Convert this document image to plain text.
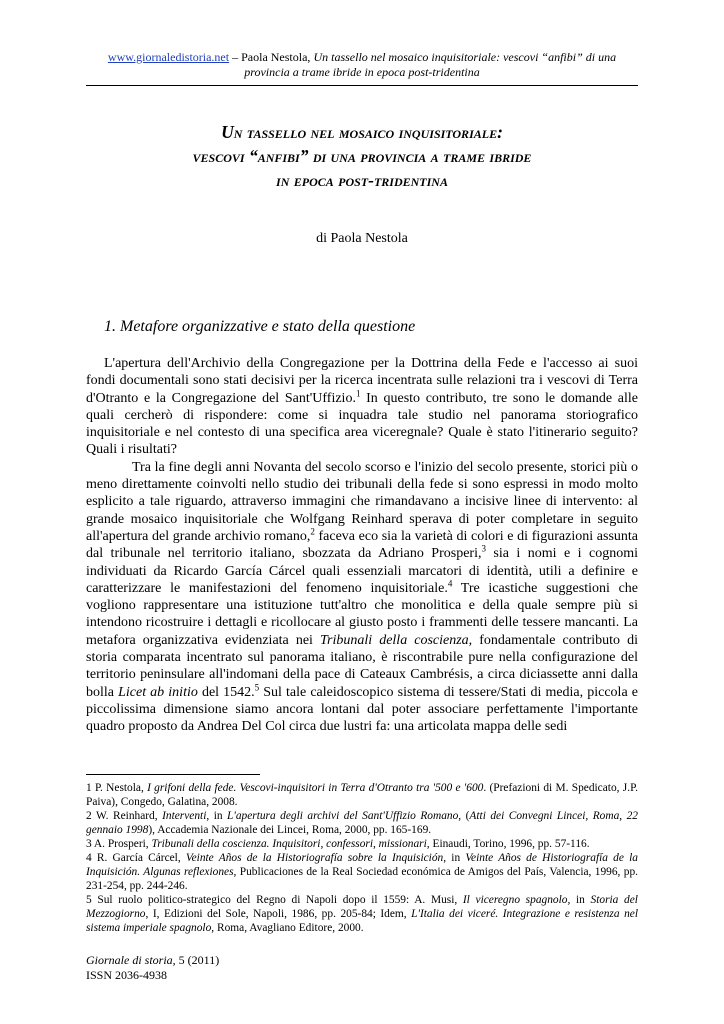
www.giornaledistoria.net – Paola Nestola, Un tassello nel mosaico inquisitoriale: vescovi “anfibi” di una provincia a trame ibride in epoca post-tridentina
Un tassello nel mosaico inquisitoriale:
vescovi “anfibi” di una provincia a trame ibride
in epoca post-tridentina
di Paola Nestola
1. Metafore organizzative e stato della questione

L'apertura dell'Archivio della Congregazione per la Dottrina della Fede e l'accesso ai suoi fondi documentali sono stati decisivi per la ricerca incentrata sulle relazioni tra i vescovi di Terra d'Otranto e la Congregazione del Sant'Uffizio.$^1$ In questo contributo, tre sono le domande alle quali cercherò di rispondere: come si inquadra tale studio nel panorama storiografico inquisitoriale e nel contesto di una specifica area viceregnale? Quale è stato l'itinerario seguito? Quali i risultati?

Tra la fine degli anni Novanta del secolo scorso e l'inizio del secolo presente, storici più o meno direttamente coinvolti nello studio dei tribunali della fede si sono espressi in modo molto esplicito a tale riguardo, attraverso immagini che rimandavano a incisive linee di intervento: al grande mosaico inquisitoriale che Wolfgang Reinhard sperava di poter completare in seguito all'apertura del grande archivio romano,$^2$ faceva eco sia la varietà di colori e di figurazioni assunta dal tribunale nel territorio italiano, sbozzata da Adriano Prosperi,$^3$ sia i nomi e i cognomi individuati da Ricardo García Cárcel quali essenziali marcatori di identità, utili a definire e caratterizzare le manifestazioni del fenomeno inquisitoriale.$^4$ Tre icastiche suggestioni che vogliono rappresentare una istituzione tutt'altro che monolitica e della quale sempre più si intendono ricostruire i dettagli e ricollocare al giusto posto i frammenti delle tessere mancanti. La metafora organizzativa evidenziata nei Tribunali della coscienza, fondamentale contributo di storia comparata incentrato sul panorama italiano, è riscontrabile pure nella configurazione del territorio peninsulare all'indomani della pace di Cateaux Cambrésis, a circa diciassette anni dalla bolla Licet ab initio del 1542.$^5$ Sul tale caleidoscopico sistema di tessere/Stati di media, piccola e piccolissima dimensione siamo ancora lontani dal poter associare perfettamente l'importante quadro proposto da Andrea Del Col circa due lustri fa: una articolata mappa delle sedi

1 P. Nestola, I grifoni della fede. Vescovi-inquisitori in Terra d'Otranto tra '500 e '600. (Prefazioni di M. Spedicato, J.P. Paiva), Congedo, Galatina, 2008.

2 W. Reinhard, Interventi, in L'apertura degli archivi del Sant'Uffizio Romano, (Atti dei Convegni Lincei, Roma, 22 gennaio 1998), Accademia Nazionale dei Lincei, Roma, 2000, pp. 165-169.

3 A. Prosperi, Tribunali della coscienza. Inquisitori, confessori, missionari, Einaudi, Torino, 1996, pp. 57-116.

4 R. García Cárcel, Veinte Años de la Historiografía sobre la Inquisición, in Veinte Años de Historiografía de la Inquisición. Algunas reflexiones, Publicaciones de la Real Sociedad económica de Amigos del País, Valencia, 1996, pp. 231-254, pp. 244-246.

5 Sul ruolo politico-strategico del Regno di Napoli dopo il 1559: A. Musi, Il viceregno spagnolo, in Storia del Mezzogiorno, I, Edizioni del Sole, Napoli, 1986, pp. 205-84; Idem, L'Italia dei viceré. Integrazione e resistenza nel sistema imperiale spagnolo, Roma, Avagliano Editore, 2000.

Giornale di storia, 5 (2011)
ISSN 2036-4938
